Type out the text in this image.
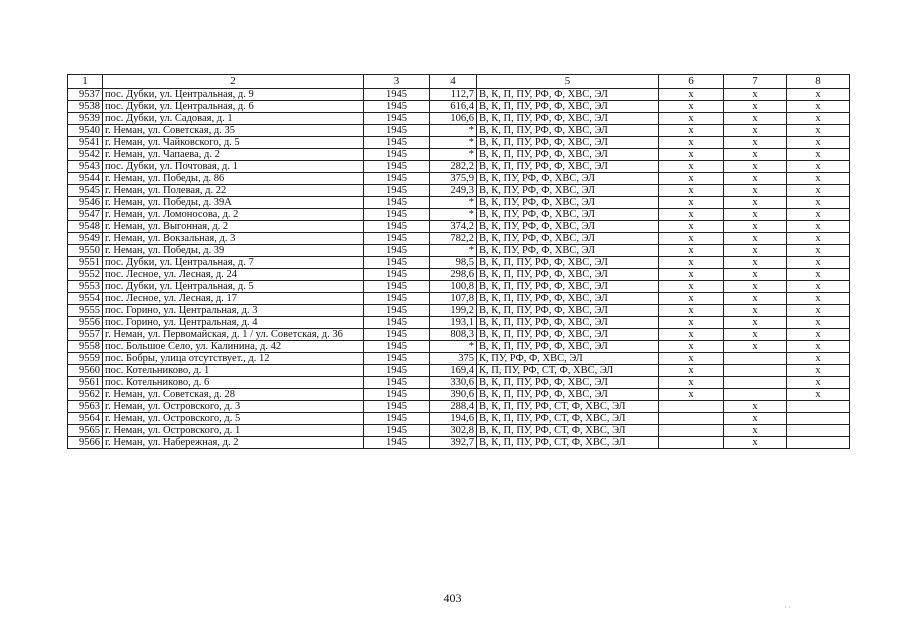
1	2	3	4	5	6	7	8
9537	пос. Дубки, ул. Центральная, д. 9	1945	112,7	В, К, П, ПУ, РФ, Ф, ХВС, ЭЛ	x	x	x
9538	пос. Дубки, ул. Центральная, д. 6	1945	616,4	В, К, П, ПУ, РФ, Ф, ХВС, ЭЛ	x	x	x
9539	пос. Дубки, ул. Садовая, д. 1	1945	106,6	В, К, П, ПУ, РФ, Ф, ХВС, ЭЛ	x	x	x
9540	г. Неман, ул. Советская, д. 35	1945	*	В, К, П, ПУ, РФ, Ф, ХВС, ЭЛ	x	x	x
9541	г. Неман, ул. Чайковского, д. 5	1945	*	В, К, П, ПУ, РФ, Ф, ХВС, ЭЛ	x	x	x
9542	г. Неман, ул. Чапаева, д. 2	1945	*	В, К, П, ПУ, РФ, Ф, ХВС, ЭЛ	x	x	x
9543	пос. Дубки, ул. Почтовая, д. 1	1945	282,2	В, К, П, ПУ, РФ, Ф, ХВС, ЭЛ	x	x	x
9544	г. Неман, ул. Победы, д. 86	1945	375,9	В, К, ПУ, РФ, Ф, ХВС, ЭЛ	x	x	x
9545	г. Неман, ул. Полевая, д. 22	1945	249,3	В, К, ПУ, РФ, Ф, ХВС, ЭЛ	x	x	x
9546	г. Неман, ул. Победы, д. 39А	1945	*	В, К, ПУ, РФ, Ф, ХВС, ЭЛ	x	x	x
9547	г. Неман, ул. Ломоносова, д. 2	1945	*	В, К, ПУ, РФ, Ф, ХВС, ЭЛ	x	x	x
9548	г. Неман, ул. Выгонная, д. 2	1945	374,2	В, К, ПУ, РФ, Ф, ХВС, ЭЛ	x	x	x
9549	г. Неман, ул. Вокзальная, д. 3	1945	782,2	В, К, ПУ, РФ, Ф, ХВС, ЭЛ	x	x	x
9550	г. Неман, ул. Победы, д. 39	1945	*	В, К, ПУ, РФ, Ф, ХВС, ЭЛ	x	x	x
9551	пос. Дубки, ул. Центральная, д. 7	1945	98,5	В, К, П, ПУ, РФ, Ф, ХВС, ЭЛ	x	x	x
9552	пос. Лесное, ул. Лесная, д. 24	1945	298,6	В, К, П, ПУ, РФ, Ф, ХВС, ЭЛ	x	x	x
9553	пос. Дубки, ул. Центральная, д. 5	1945	100,8	В, К, П, ПУ, РФ, Ф, ХВС, ЭЛ	x	x	x
9554	пос. Лесное, ул. Лесная, д. 17	1945	107,8	В, К, П, ПУ, РФ, Ф, ХВС, ЭЛ	x	x	x
9555	пос. Горино, ул. Центральная, д. 3	1945	199,2	В, К, П, ПУ, РФ, Ф, ХВС, ЭЛ	x	x	x
9556	пос. Горино, ул. Центральная, д. 4	1945	193,1	В, К, П, ПУ, РФ, Ф, ХВС, ЭЛ	x	x	x
9557	г. Неман, ул. Первомайская, д. 1 / ул. Советская, д. 36	1945	808,3	В, К, П, ПУ, РФ, Ф, ХВС, ЭЛ	x	x	x
9558	пос. Большое Село, ул. Калинина, д. 42	1945	*	В, К, П, ПУ, РФ, Ф, ХВС, ЭЛ	x	x	x
9559	пос. Бобры, улица отсутствует., д. 12	1945	375	К, ПУ, РФ, Ф, ХВС, ЭЛ	x		x
9560	пос. Котельниково, д. 1	1945	169,4	К, П, ПУ, РФ, СТ, Ф, ХВС, ЭЛ	x		x
9561	пос. Котельниково, д. 6	1945	330,6	В, К, П, ПУ, РФ, Ф, ХВС, ЭЛ	x		x
9562	г. Неман, ул. Советская, д. 28	1945	390,6	В, К, П, ПУ, РФ, Ф, ХВС, ЭЛ	x		x
9563	г. Неман, ул. Островского, д. 3	1945	288,4	В, К, П, ПУ, РФ, СТ, Ф, ХВС, ЭЛ		x	
9564	г. Неман, ул. Островского, д. 5	1945	194,6	В, К, П, ПУ, РФ, СТ, Ф, ХВС, ЭЛ		x	
9565	г. Неман, ул. Островского, д. 1	1945	302,8	В, К, П, ПУ, РФ, СТ, Ф, ХВС, ЭЛ		x	
9566	г. Неман, ул. Набережная, д. 2	1945	392,7	В, К, П, ПУ, РФ, СТ, Ф, ХВС, ЭЛ		x	
403
· ·
